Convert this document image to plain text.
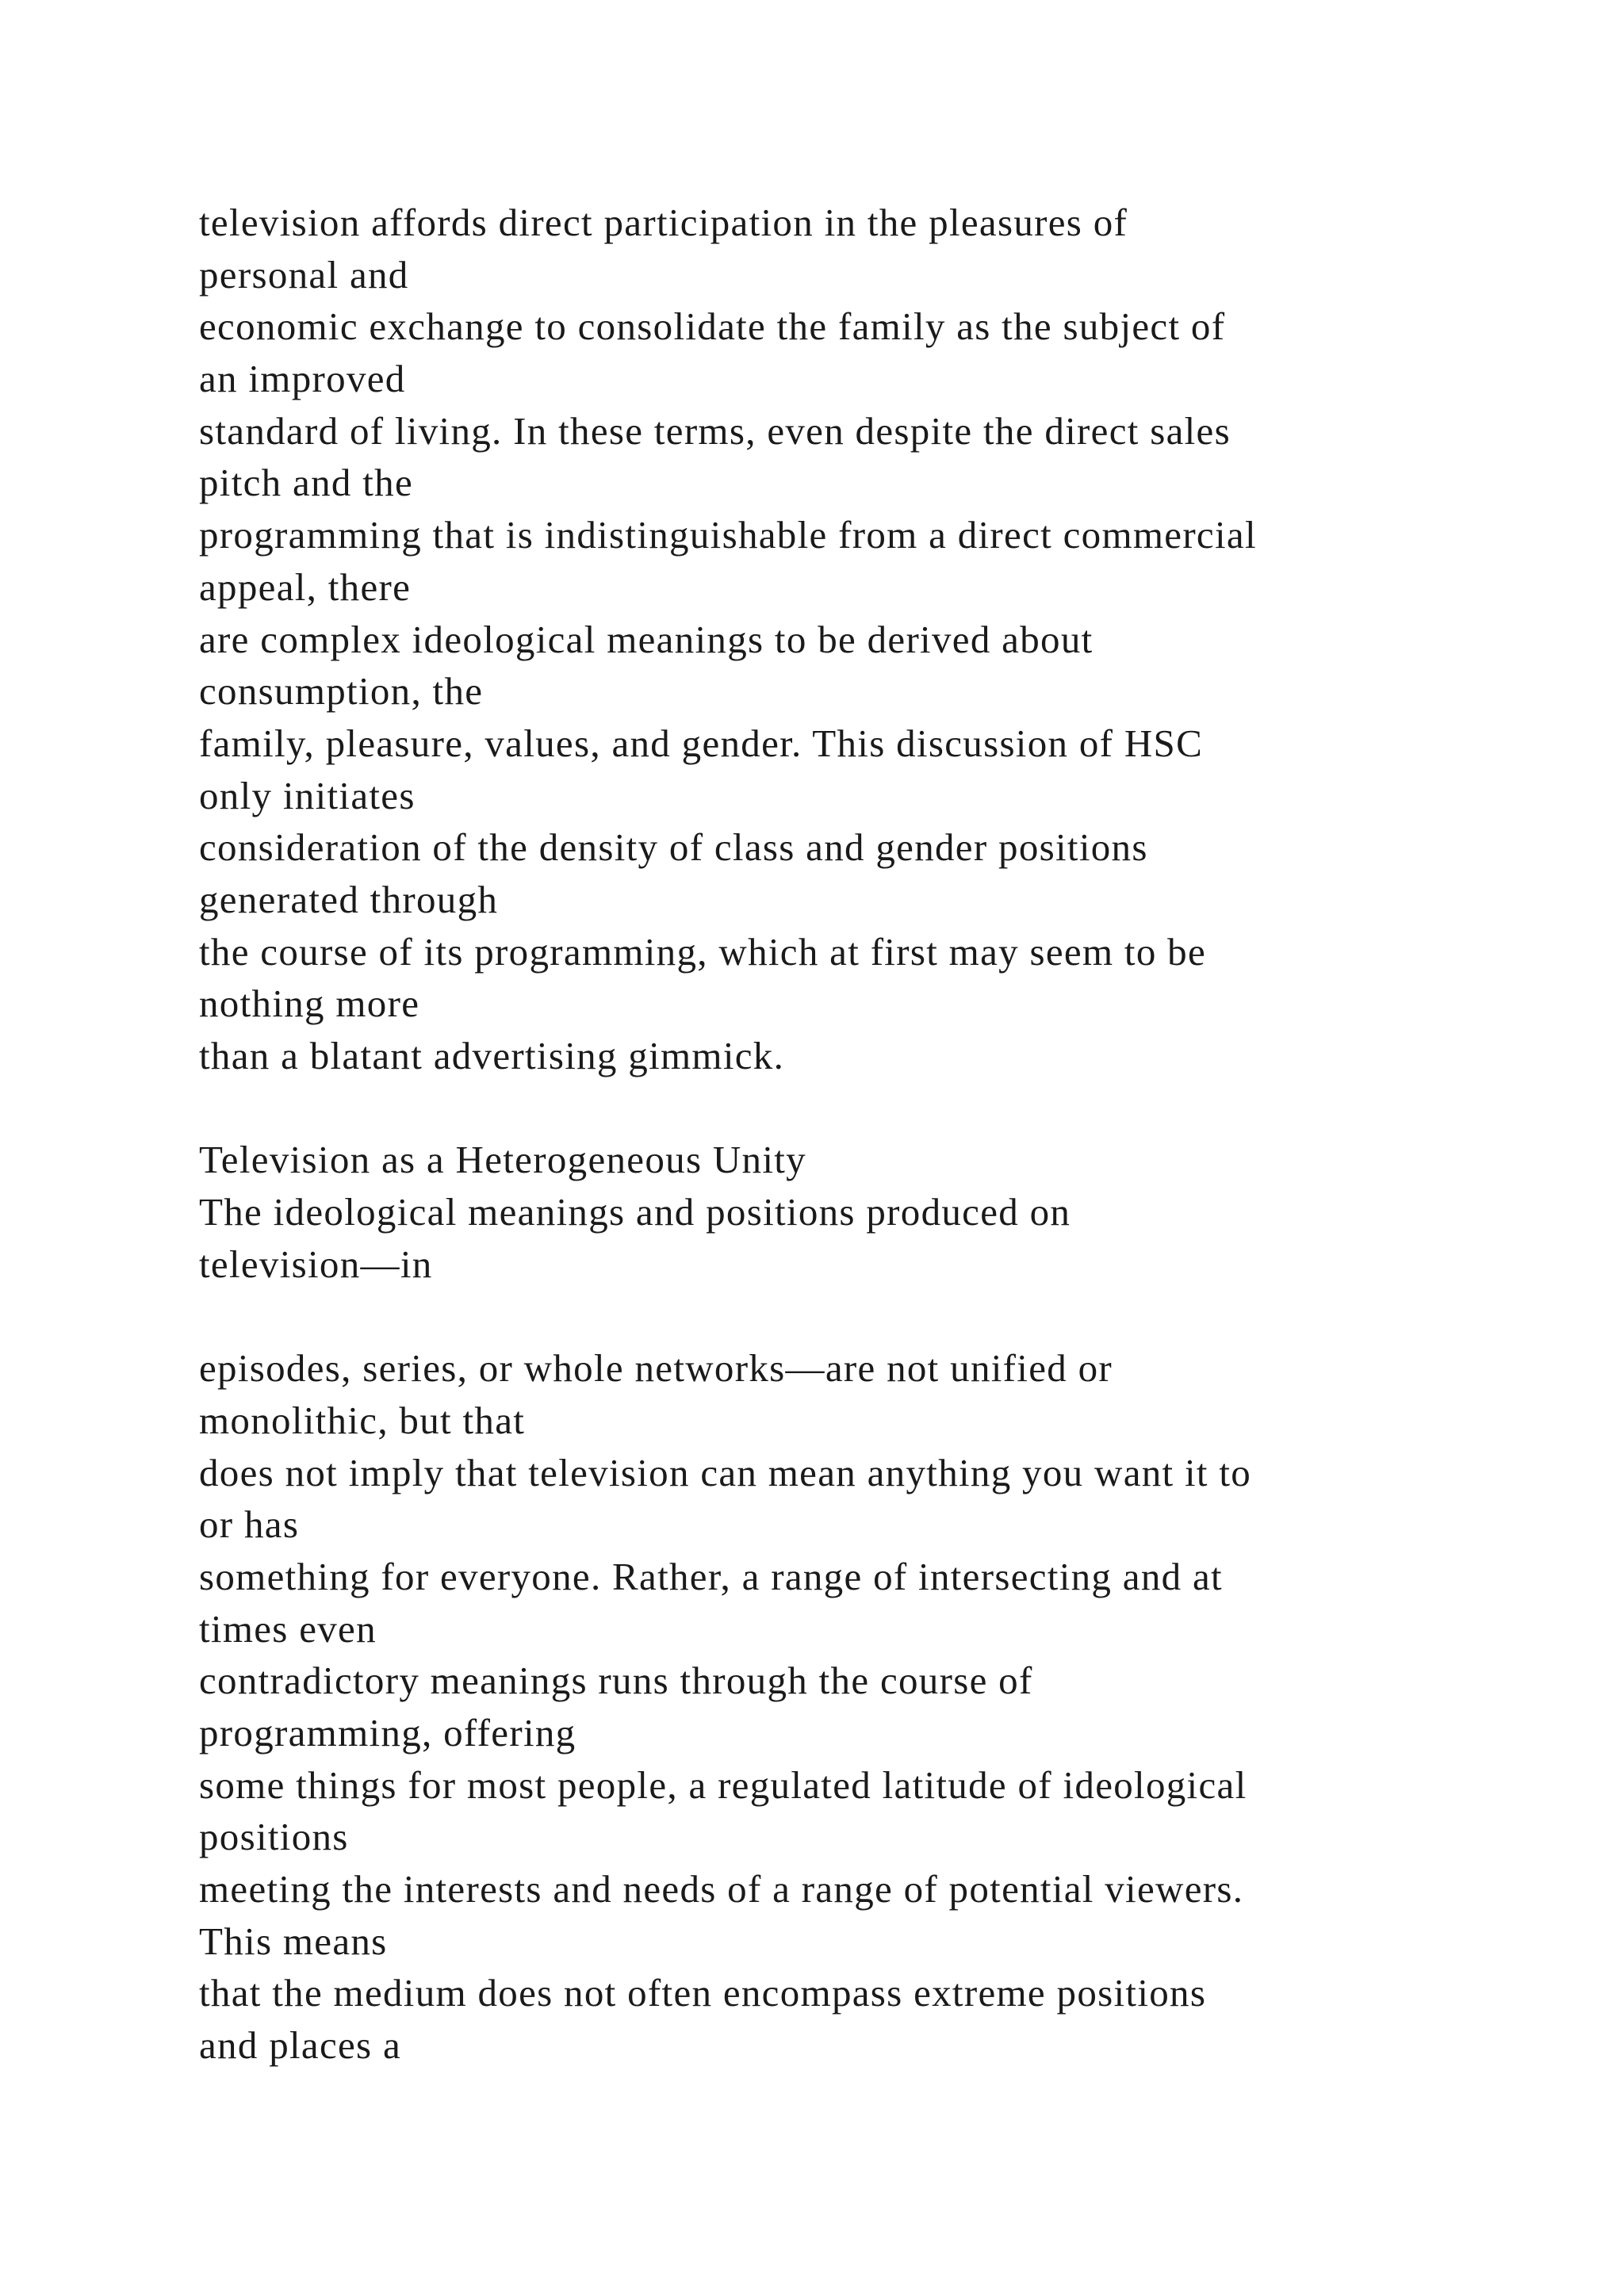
television affords direct participation in the pleasures of
personal and
economic exchange to consolidate the family as the subject of
an improved
standard of living. In these terms, even despite the direct sales
pitch and the
programming that is indistinguishable from a direct commercial
appeal, there
are complex ideological meanings to be derived about
consumption, the
family, pleasure, values, and gender. This discussion of HSC
only initiates
consideration of the density of class and gender positions
generated through
the course of its programming, which at first may seem to be
nothing more
than a blatant advertising gimmick.
Television as a Heterogeneous Unity
The ideological meanings and positions produced on
television—in
episodes, series, or whole networks—are not unified or
monolithic, but that
does not imply that television can mean anything you want it to
or has
something for everyone. Rather, a range of intersecting and at
times even
contradictory meanings runs through the course of
programming, offering
some things for most people, a regulated latitude of ideological
positions
meeting the interests and needs of a range of potential viewers.
This means
that the medium does not often encompass extreme positions
and places a
